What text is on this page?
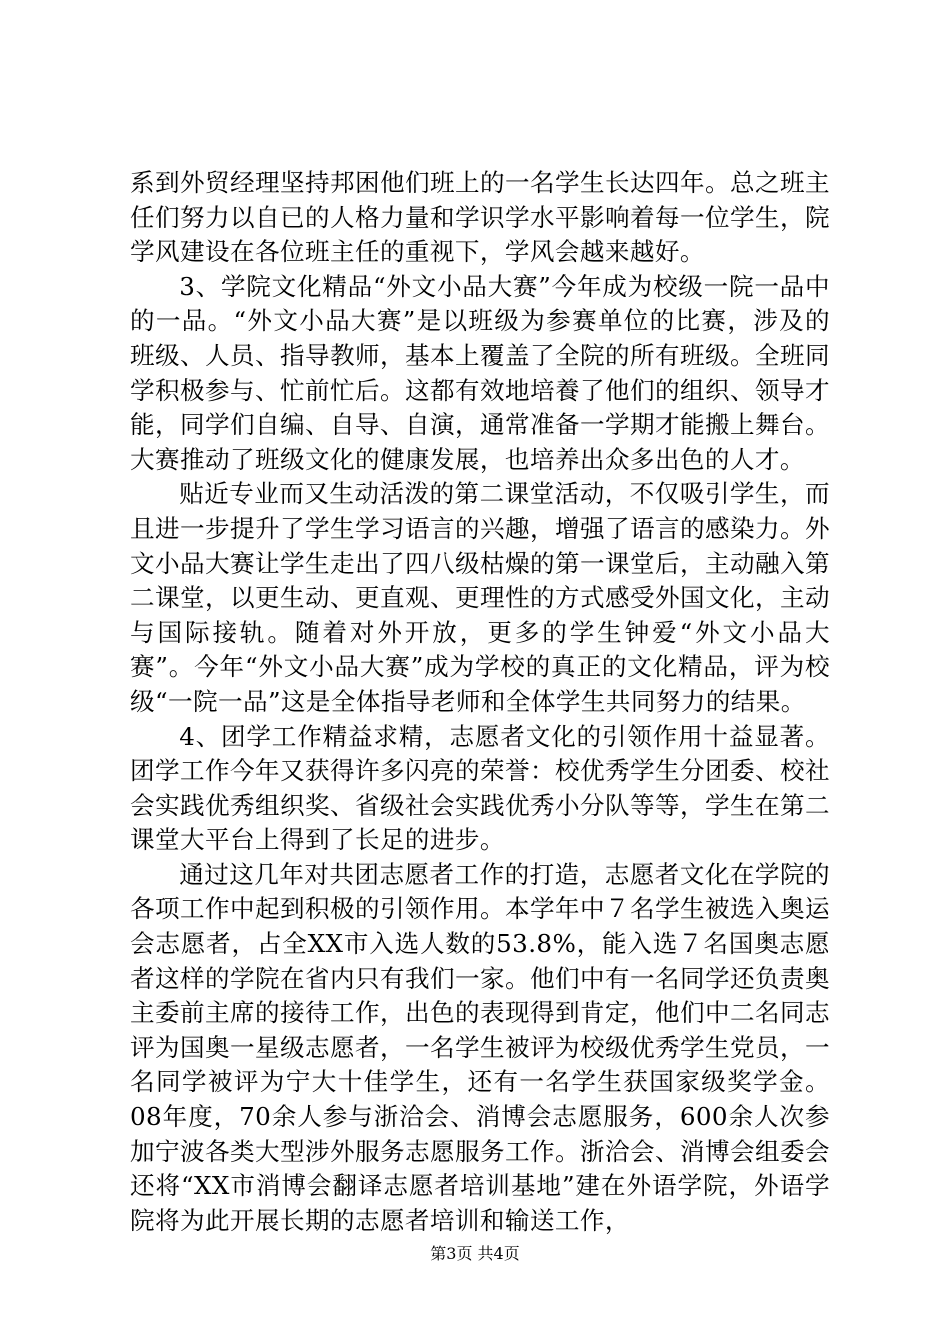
系到外贸经理坚持邦困他们班上的一名学生长达四年。总之班主任们努力以自已的人格力量和学识学水平影响着每一位学生，院学风建设在各位班主任的重视下，学风会越来越好。

3、学院文化精品“外文小品大赛”今年成为校级一院一品中的一品。“外文小品大赛”是以班级为参赛单位的比赛，涉及的班级、人员、指导教师，基本上覆盖了全院的所有班级。全班同学积极参与、忙前忙后。这都有效地培養了他们的组织、领导才能，同学们自编、自导、自演，通常准备一学期才能搬上舞台。大赛推动了班级文化的健康发展，也培养出众多出色的人才。

贴近专业而又生动活泼的第二课堂活动，不仅吸引学生，而且进一步提升了学生学习语言的兴趣，增强了语言的感染力。外文小品大赛让学生走出了四八级枯燥的第一课堂后，主动融入第二课堂，以更生动、更直观、更理性的方式感受外国文化，主动与国际接轨。随着对外开放，更多的学生钟爱“外文小品大赛”。今年“外文小品大赛”成为学校的真正的文化精品，评为校级“一院一品”这是全体指导老师和全体学生共同努力的结果。

4、团学工作精益求精，志愿者文化的引领作用十益显著。团学工作今年又获得许多闪亮的荣誉：校优秀学生分团委、校社会实践优秀组织奖、省级社会实践优秀小分队等等，学生在第二课堂大平台上得到了长足的进步。

通过这几年对共团志愿者工作的打造，志愿者文化在学院的各项工作中起到积极的引领作用。本学年中７名学生被选入奥运会志愿者，占全XX市入选人数的53.8%，能入选７名国奥志愿者这样的学院在省内只有我们一家。他们中有一名同学还负责奥主委前主席的接待工作，出色的表现得到肯定，他们中二名同志评为国奥一星级志愿者，一名学生被评为校级优秀学生党员，一名同学被评为宁大十佳学生，还有一名学生获国家级奖学金。08年度，70余人参与浙洽会、消博会志愿服务，600余人次参加宁波各类大型涉外服务志愿服务工作。浙洽会、消博会组委会还将“XX市消博会翻译志愿者培训基地”建在外语学院，外语学院将为此开展长期的志愿者培训和输送工作，

第3页 共4页
